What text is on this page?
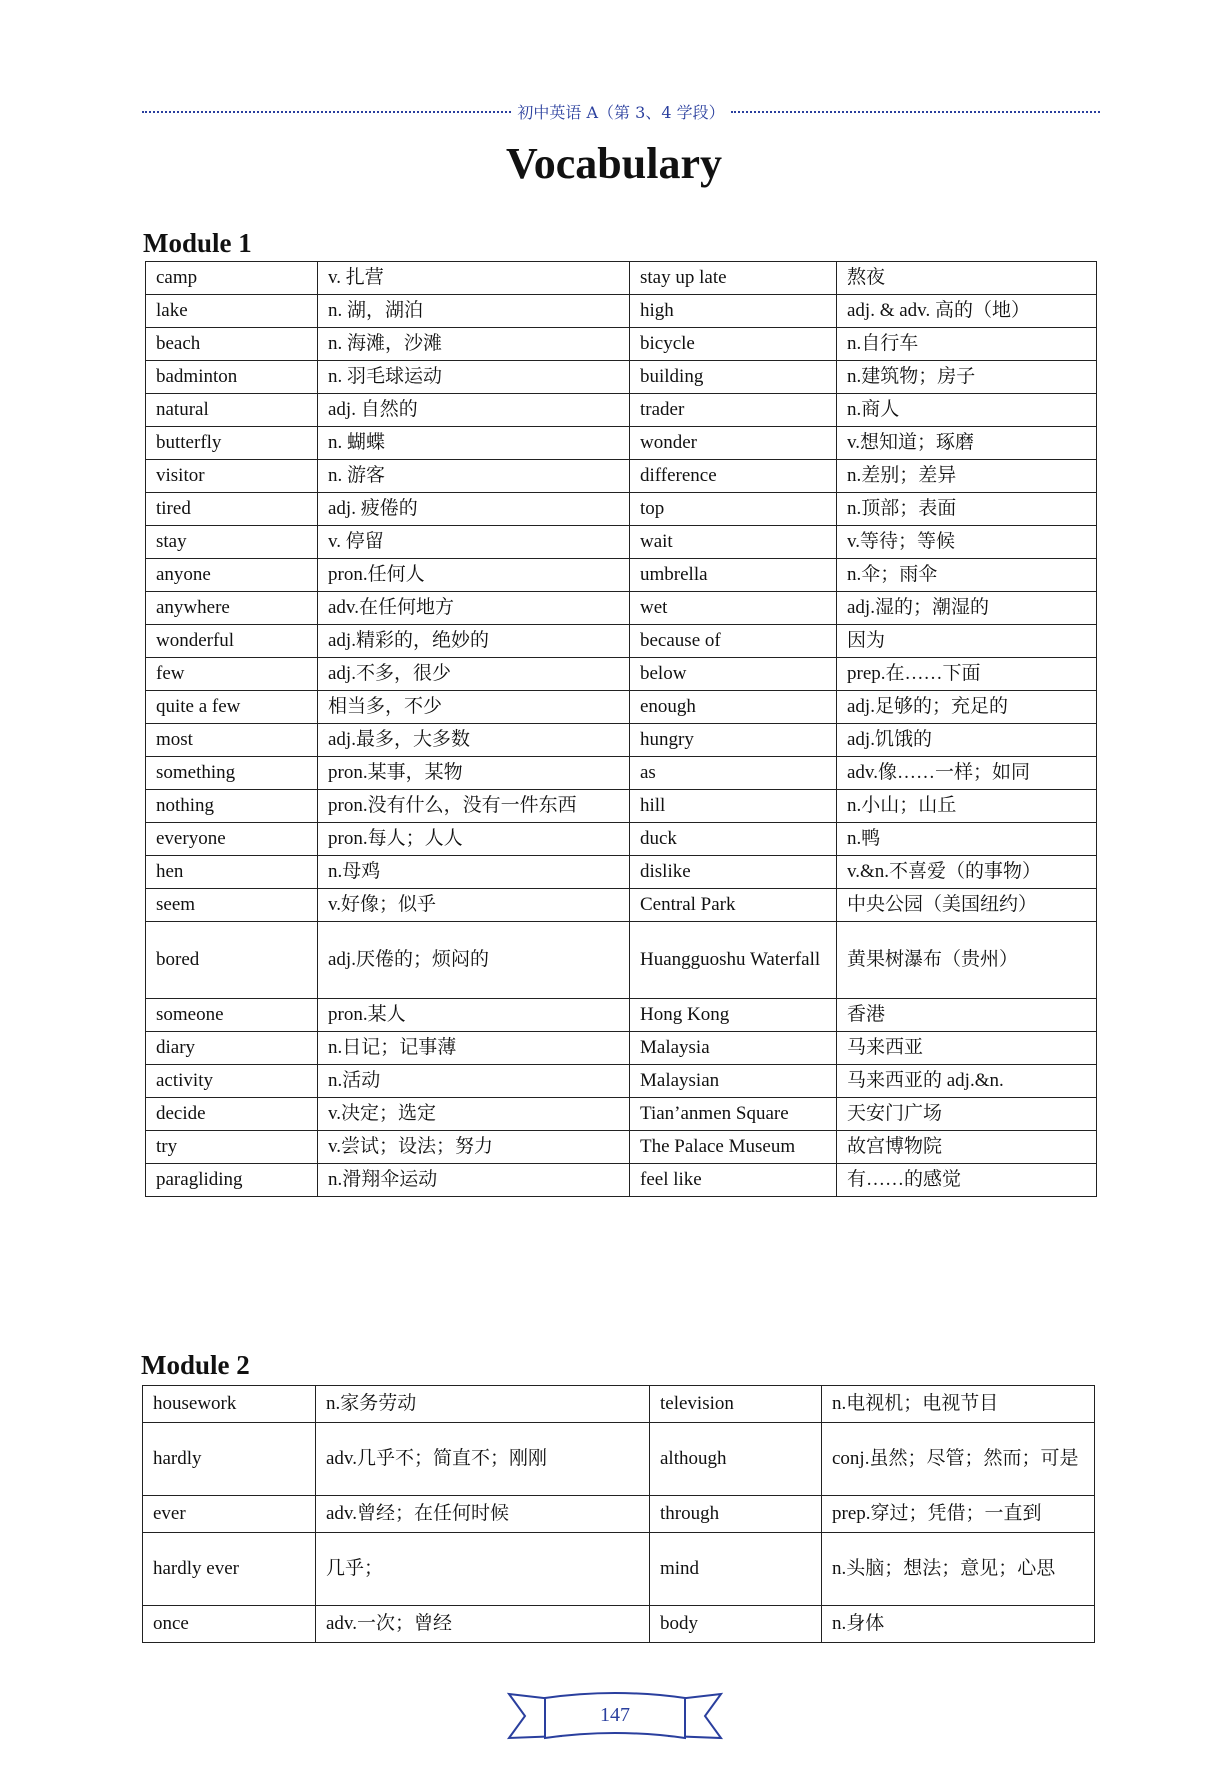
初中英语 A（第 3、4 学段）
Vocabulary
Module 1
camp	v. 扎营	stay up late	熬夜
lake	n. 湖，湖泊	high	adj. & adv. 高的（地）
beach	n. 海滩，沙滩	bicycle	n.自行车
badminton	n. 羽毛球运动	building	n.建筑物；房子
natural	adj. 自然的	trader	n.商人
butterfly	n. 蝴蝶	wonder	v.想知道；琢磨
visitor	n. 游客	difference	n.差别；差异
tired	adj. 疲倦的	top	n.顶部；表面
stay	v. 停留	wait	v.等待；等候
anyone	pron.任何人	umbrella	n.伞；雨伞
anywhere	adv.在任何地方	wet	adj.湿的；潮湿的
wonderful	adj.精彩的，绝妙的	because of	因为
few	adj.不多，很少	below	prep.在……下面
quite a few	相当多，不少	enough	adj.足够的；充足的
most	adj.最多，大多数	hungry	adj.饥饿的
something	pron.某事，某物	as	adv.像……一样；如同
nothing	pron.没有什么，没有一件东西	hill	n.小山；山丘
everyone	pron.每人；人人	duck	n.鸭
hen	n.母鸡	dislike	v.&n.不喜爱（的事物）
seem	v.好像；似乎	Central Park	中央公园（美国纽约）
bored	adj.厌倦的；烦闷的	Huangguoshu Waterfall	黄果树瀑布（贵州）
someone	pron.某人	Hong Kong	香港
diary	n.日记；记事薄	Malaysia	马来西亚
activity	n.活动	Malaysian	马来西亚的 adj.&n.
decide	v.决定；选定	Tian’anmen Square	天安门广场
try	v.尝试；设法；努力	The Palace Museum	故宫博物院
paragliding	n.滑翔伞运动	feel like	有……的感觉
Module 2
housework	n.家务劳动	television	n.电视机；电视节目
hardly	adv.几乎不；简直不；刚刚	although	conj.虽然；尽管；然而；可是
ever	adv.曾经；在任何时候	through	prep.穿过；凭借；一直到
hardly ever	几乎；	mind	n.头脑；想法；意见；心思
once	adv.一次；曾经	body	n.身体
147
